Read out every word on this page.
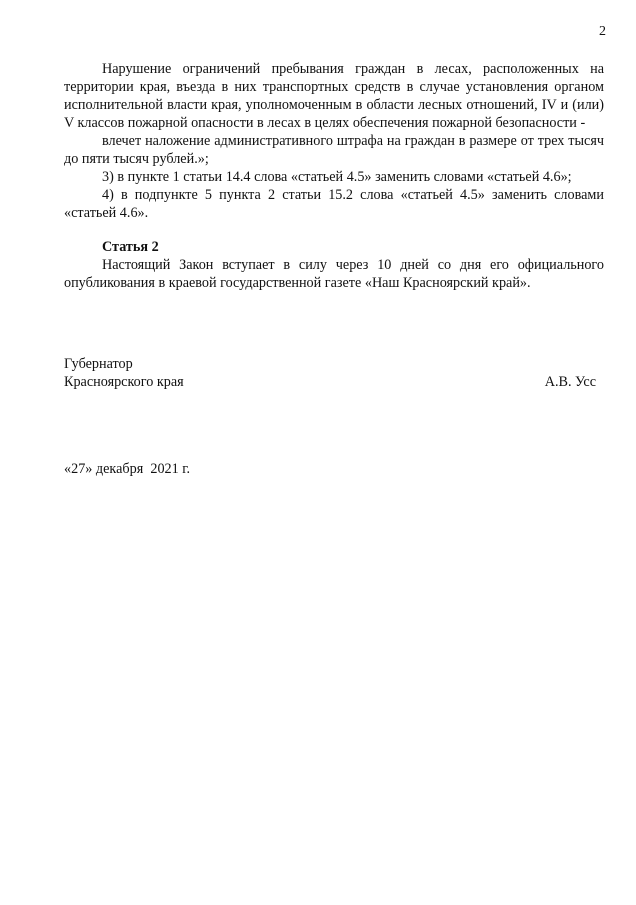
2

Нарушение ограничений пребывания граждан в лесах, расположенных на территории края, въезда в них транспортных средств в случае установления органом исполнительной власти края, уполномоченным в области лесных отношений, IV и (или) V классов пожарной опасности в лесах в целях обеспечения пожарной безопасности -

влечет наложение административного штрафа на граждан в размере от трех тысяч до пяти тысяч рублей.»;

3) в пункте 1 статьи 14.4 слова «статьей 4.5» заменить словами «статьей 4.6»;

4) в подпункте 5 пункта 2 статьи 15.2 слова «статьей 4.5» заменить словами «статьей 4.6».

Статья 2

Настоящий Закон вступает в силу через 10 дней со дня его официального опубликования в краевой государственной газете «Наш Красноярский край».

Губернатор
Красноярского края	А.В. Усс
«27» декабря  2021 г.
